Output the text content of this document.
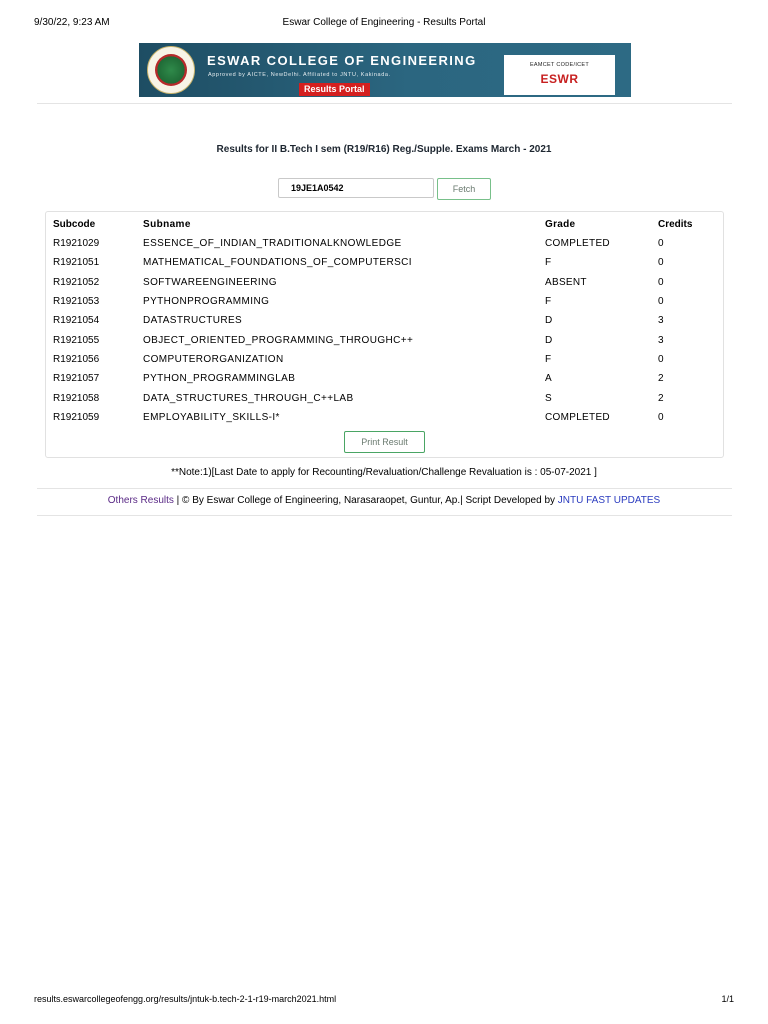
9/30/22, 9:23 AM	Eswar College of Engineering - Results Portal
ESWAR COLLEGE OF ENGINEERING
Approved by AICTE, NewDelhi. Affiliated to JNTU, Kakinada.
Results Portal
EAMCET CODE/ICET
ESWR
Results for II B.Tech I sem (R19/R16) Reg./Supple. Exams March - 2021
19JE1A0542
Fetch
Subcode	Subname	Grade	Credits
R1921029	ESSENCE_OF_INDIAN_TRADITIONALKNOWLEDGE	COMPLETED	0
R1921051	MATHEMATICAL_FOUNDATIONS_OF_COMPUTERSCI	F	0
R1921052	SOFTWAREENGINEERING	ABSENT	0
R1921053	PYTHONPROGRAMMING	F	0
R1921054	DATASTRUCTURES	D	3
R1921055	OBJECT_ORIENTED_PROGRAMMING_THROUGHC++	D	3
R1921056	COMPUTERORGANIZATION	F	0
R1921057	PYTHON_PROGRAMMINGLAB	A	2
R1921058	DATA_STRUCTURES_THROUGH_C++LAB	S	2
R1921059	EMPLOYABILITY_SKILLS-I*	COMPLETED	0
Print Result
**Note:1)[Last Date to apply for Recounting/Revaluation/Challenge Revaluation is : 05-07-2021 ]
Others Results | © By Eswar College of Engineering, Narasaraopet, Guntur, Ap.| Script Developed by JNTU FAST UPDATES
results.eswarcollegeofengg.org/results/jntuk-b.tech-2-1-r19-march2021.html	1/1
